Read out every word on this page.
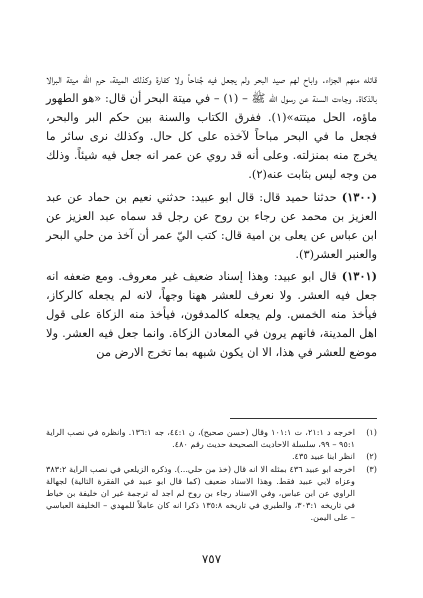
قاتله منهم الجزاء. واباح لهم صيد البحر ولم يجعل فيه جُناحاً ولا كفارة وكذلك الميتة، حرم الله ميتة البرالا بالذكاة. وجاءت السنة عن رسول الله ﷺ – (١) – في ميتة البحر أن قال: «هو الطهور ماؤه، الحل ميتته»(١). ففرق الكتاب والسنة بين حكم البر والبحر، فجعل ما في البحر مباحاً لآخذه على كل حال. وكذلك نرى سائر ما يخرج منه بمنزلته. وعلى أنه قد روي عن عمر انه جعل فيه شيئاً. وذلك من وجه ليس بثابت عنه(٢).

(١٣٠٠) حدثنا حميد قال: قال ابو عبيد: حدثني نعيم بن حماد عن عبد العزيز بن محمد عن رجاء بن روح عن رجل قد سماه عبد العزيز عن ابن عباس عن يعلى بن امية قال: كتب اليّ عمر أن آخذ من حلي البحر والعنبر العشر(٣).

(١٣٠١) قال ابو عبيد: وهذا إسناد ضعيف غير معروف. ومع ضعفه انه جعل فيه العشر. ولا نعرف للعشر ههنا وجهاً، لانه لم يجعله كالركاز، فيأخذ منه الخمس. ولم يجعله كالمدفون، فيأخذ منه الزكاة على قول اهل المدينة، فانهم يرون في المعادن الزكاة. وانما جعل فيه العشر. ولا موضع للعشر في هذا، الا ان يكون شبهه بما تخرج الارض من

(١)
اخرجه د ٢١:١، ت ١٠١:١ وقال (حسن صحيح)، ن ٤٤:١، جه ١٣٦:١. وانظره في نصب الراية ٩٥:١ – ٩٩، سلسلة الاحاديث الصحيحة حديث رقم ٤٨٠.
(٢)
انظر ابنا عبيد ٤٣٥.
(٣)
اخرجه ابو عبيد ٤٣٦ بمثله الا انه قال (خذ من حلي...). وذكره الزيلعي في نصب الراية ٣٨٣:٢ وعزاه لابي عبيد فقط. وهذا الاسناد ضعيف (كما قال ابو عبيد في الفقرة التالية) لجهالة الراوي عن ابن عباس، وفي الاسناد رجاء بن روح لم اجد له ترجمة غير ان خليفة بن خياط في تاريخه ٣٠٣:١، والطبري في تاريخه ١٣٥:٨ ذكرا انه كان عاملاً للمهدي – الخليفة العباسي – على اليمن.
٧٥٧
